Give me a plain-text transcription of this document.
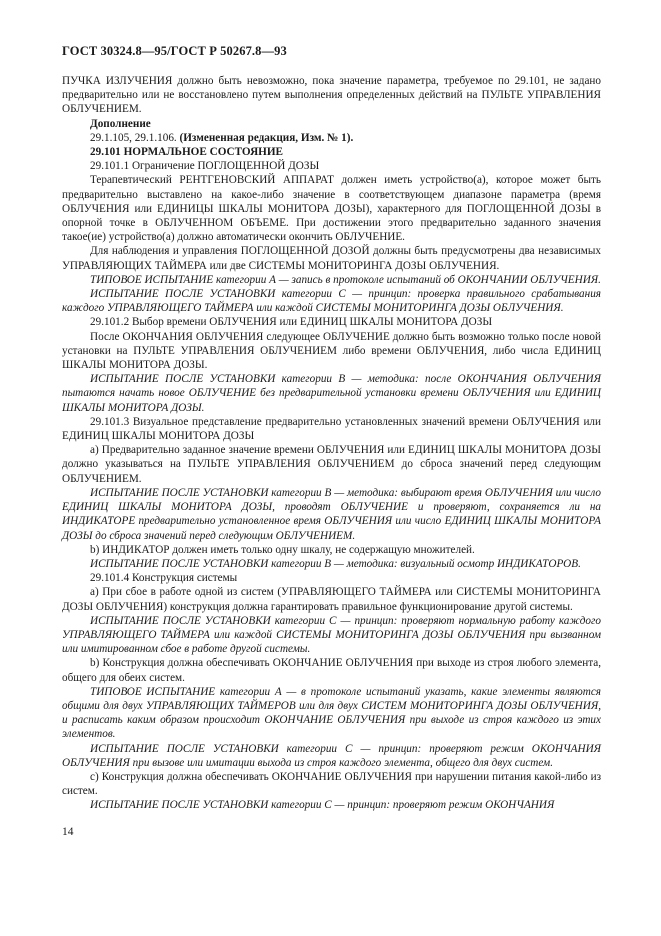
ГОСТ 30324.8—95/ГОСТ Р 50267.8—93

ПУЧКА ИЗЛУЧЕНИЯ должно быть невозможно, пока значение параметра, требуемое по 29.101, не задано предварительно или не восстановлено путем выполнения определенных действий на ПУЛЬТЕ УПРАВЛЕНИЯ ОБЛУЧЕНИЕМ.

Дополнение

29.1.105, 29.1.106. (Измененная редакция, Изм. № 1).

29.101 НОРМАЛЬНОЕ СОСТОЯНИЕ

29.101.1 Ограничение ПОГЛОЩЕННОЙ ДОЗЫ

Терапевтический РЕНТГЕНОВСКИЙ АППАРАТ должен иметь устройство(а), которое может быть предварительно выставлено на какое-либо значение в соответствующем диапазоне параметра (время ОБЛУЧЕНИЯ или ЕДИНИЦЫ ШКАЛЫ МОНИТОРА ДОЗЫ), характерного для ПОГЛОЩЕННОЙ ДОЗЫ в опорной точке в ОБЛУЧЕННОМ ОБЪЕМЕ. При достижении этого предварительно заданного значения такое(ие) устройство(а) должно автоматически окончить ОБЛУЧЕНИЕ.

Для наблюдения и управления ПОГЛОЩЕННОЙ ДОЗОЙ должны быть предусмотрены два независимых УПРАВЛЯЮЩИХ ТАЙМЕРА или две СИСТЕМЫ МОНИТОРИНГА ДОЗЫ ОБЛУЧЕНИЯ.

ТИПОВОЕ ИСПЫТАНИЕ категории А — запись в протоколе испытаний об ОКОНЧАНИИ ОБЛУЧЕНИЯ.

ИСПЫТАНИЕ ПОСЛЕ УСТАНОВКИ категории С — принцип: проверка правильного срабатывания каждого УПРАВЛЯЮЩЕГО ТАЙМЕРА или каждой СИСТЕМЫ МОНИТОРИНГА ДОЗЫ ОБЛУЧЕНИЯ.

29.101.2 Выбор времени ОБЛУЧЕНИЯ или ЕДИНИЦ ШКАЛЫ МОНИТОРА ДОЗЫ

После ОКОНЧАНИЯ ОБЛУЧЕНИЯ следующее ОБЛУЧЕНИЕ должно быть возможно только после новой установки на ПУЛЬТЕ УПРАВЛЕНИЯ ОБЛУЧЕНИЕМ либо времени ОБЛУЧЕНИЯ, либо числа ЕДИНИЦ ШКАЛЫ МОНИТОРА ДОЗЫ.

ИСПЫТАНИЕ ПОСЛЕ УСТАНОВКИ категории В — методика: после ОКОНЧАНИЯ ОБЛУЧЕНИЯ пытаются начать новое ОБЛУЧЕНИЕ без предварительной установки времени ОБЛУЧЕНИЯ или ЕДИНИЦ ШКАЛЫ МОНИТОРА ДОЗЫ.

29.101.3 Визуальное представление предварительно установленных значений времени ОБЛУЧЕНИЯ или ЕДИНИЦ ШКАЛЫ МОНИТОРА ДОЗЫ

а) Предварительно заданное значение времени ОБЛУЧЕНИЯ или ЕДИНИЦ ШКАЛЫ МОНИТОРА ДОЗЫ должно указываться на ПУЛЬТЕ УПРАВЛЕНИЯ ОБЛУЧЕНИЕМ до сброса значений перед следующим ОБЛУЧЕНИЕМ.

ИСПЫТАНИЕ ПОСЛЕ УСТАНОВКИ категории В — методика: выбирают время ОБЛУЧЕНИЯ или число ЕДИНИЦ ШКАЛЫ МОНИТОРА ДОЗЫ, проводят ОБЛУЧЕНИЕ и проверяют, сохраняется ли на ИНДИКАТОРЕ предварительно установленное время ОБЛУЧЕНИЯ или число ЕДИНИЦ ШКАЛЫ МОНИТОРА ДОЗЫ до сброса значений перед следующим ОБЛУЧЕНИЕМ.

b) ИНДИКАТОР должен иметь только одну шкалу, не содержащую множителей.

ИСПЫТАНИЕ ПОСЛЕ УСТАНОВКИ категории В — методика: визуальный осмотр ИНДИКАТОРОВ.

29.101.4 Конструкция системы

а) При сбое в работе одной из систем (УПРАВЛЯЮЩЕГО ТАЙМЕРА или СИСТЕМЫ МОНИТОРИНГА ДОЗЫ ОБЛУЧЕНИЯ) конструкция должна гарантировать правильное функционирование другой системы.

ИСПЫТАНИЕ ПОСЛЕ УСТАНОВКИ категории С — принцип: проверяют нормальную работу каждого УПРАВЛЯЮЩЕГО ТАЙМЕРА или каждой СИСТЕМЫ МОНИТОРИНГА ДОЗЫ ОБЛУЧЕНИЯ при вызванном или имитированном сбое в работе другой системы.

b) Конструкция должна обеспечивать ОКОНЧАНИЕ ОБЛУЧЕНИЯ при выходе из строя любого элемента, общего для обеих систем.

ТИПОВОЕ ИСПЫТАНИЕ категории А — в протоколе испытаний указать, какие элементы являются общими для двух УПРАВЛЯЮЩИХ ТАЙМЕРОВ или для двух СИСТЕМ МОНИТОРИНГА ДОЗЫ ОБЛУЧЕНИЯ, и расписать каким образом происходит ОКОНЧАНИЕ ОБЛУЧЕНИЯ при выходе из строя каждого из этих элементов.

ИСПЫТАНИЕ ПОСЛЕ УСТАНОВКИ категории С — принцип: проверяют режим ОКОНЧАНИЯ ОБЛУЧЕНИЯ при вызове или имитации выхода из строя каждого элемента, общего для двух систем.

с) Конструкция должна обеспечивать ОКОНЧАНИЕ ОБЛУЧЕНИЯ при нарушении питания какой-либо из систем.

ИСПЫТАНИЕ ПОСЛЕ УСТАНОВКИ категории С — принцип: проверяют режим ОКОНЧАНИЯ

14
